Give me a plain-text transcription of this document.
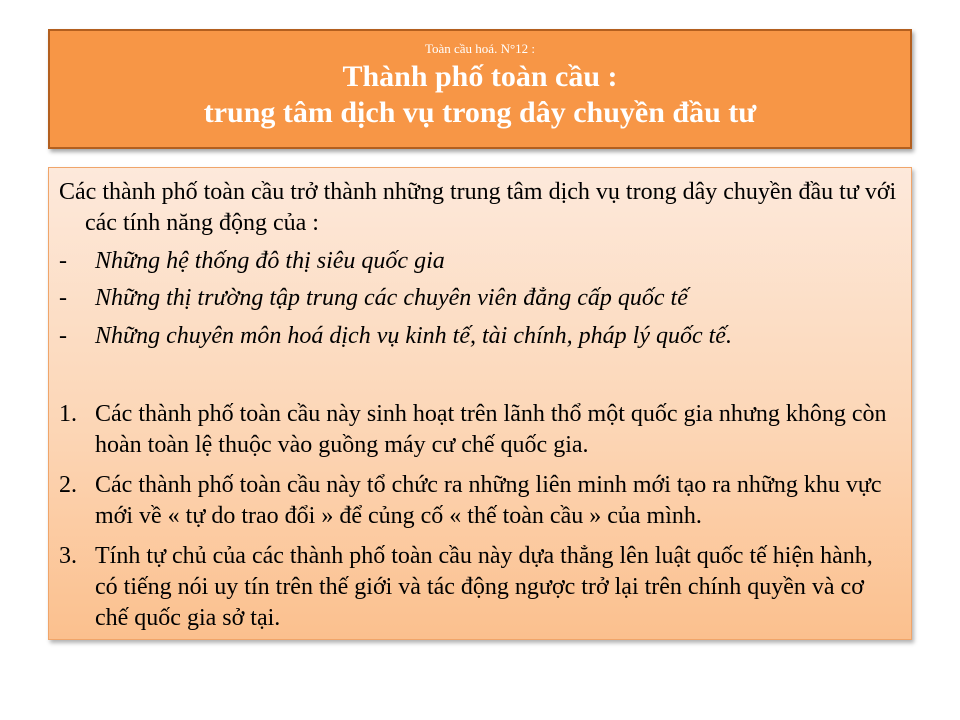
Toàn cầu hoá. N°12 :
Thành phố toàn cầu :
trung tâm dịch vụ trong dây chuyền đầu tư
Các thành phố toàn cầu trở thành những trung tâm dịch vụ trong dây chuyền đầu tư với các tính năng động của :
-	Những hệ thống đô thị siêu quốc gia
-	Những thị trường tập trung các chuyên viên đẳng cấp quốc tế
-	Những chuyên môn hoá dịch vụ kinh tế, tài chính, pháp lý quốc tế.
1. Các thành phố toàn cầu này sinh hoạt trên lãnh thổ một quốc gia nhưng không còn hoàn toàn lệ thuộc vào guồng máy cư chế quốc gia.
2. Các thành phố toàn cầu này tổ chức ra những liên minh mới tạo ra những khu vực mới về « tự do trao đổi » để củng cố « thế toàn cầu » của mình.
3. Tính tự chủ của các thành phố toàn cầu này dựa thẳng lên luật quốc tế hiện hành, có tiếng nói uy tín trên thế giới và tác động ngược trở lại trên chính quyền và cơ chế quốc gia sở tại.
